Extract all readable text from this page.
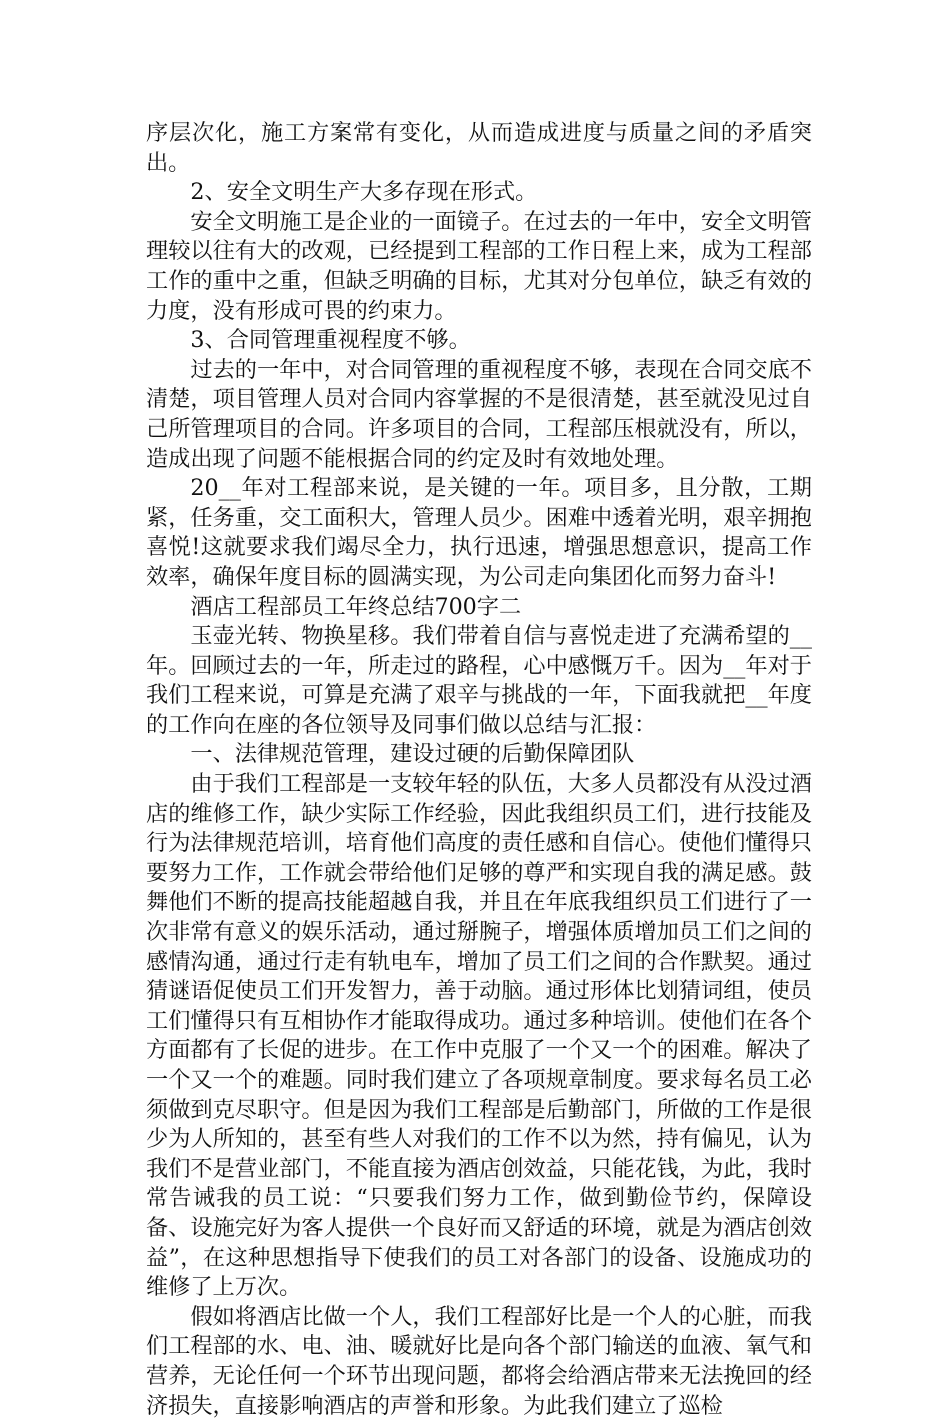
序层次化，施工方案常有变化，从而造成进度与质量之间的矛盾突出。

2、安全文明生产大多存现在形式。

安全文明施工是企业的一面镜子。在过去的一年中，安全文明管理较以往有大的改观，已经提到工程部的工作日程上来，成为工程部工作的重中之重，但缺乏明确的目标，尤其对分包单位，缺乏有效的力度，没有形成可畏的约束力。

3、合同管理重视程度不够。

过去的一年中，对合同管理的重视程度不够，表现在合同交底不清楚，项目管理人员对合同内容掌握的不是很清楚，甚至就没见过自己所管理项目的合同。许多项目的合同，工程部压根就没有，所以，造成出现了问题不能根据合同的约定及时有效地处理。

20__年对工程部来说，是关键的一年。项目多，且分散，工期紧，任务重，交工面积大，管理人员少。困难中透着光明，艰辛拥抱喜悦!这就要求我们竭尽全力，执行迅速，增强思想意识，提高工作效率，确保年度目标的圆满实现，为公司走向集团化而努力奋斗!

酒店工程部员工年终总结700字二

玉壶光转、物换星移。我们带着自信与喜悦走进了充满希望的__年。回顾过去的一年，所走过的路程，心中感慨万千。因为__年对于我们工程来说，可算是充满了艰辛与挑战的一年，下面我就把__年度的工作向在座的各位领导及同事们做以总结与汇报：

一、法律规范管理，建设过硬的后勤保障团队

由于我们工程部是一支较年轻的队伍，大多人员都没有从没过酒店的维修工作，缺少实际工作经验，因此我组织员工们，进行技能及行为法律规范培训，培育他们高度的责任感和自信心。使他们懂得只要努力工作，工作就会带给他们足够的尊严和实现自我的满足感。鼓舞他们不断的提高技能超越自我，并且在年底我组织员工们进行了一次非常有意义的娱乐活动，通过掰腕子，增强体质增加员工们之间的感情沟通，通过行走有轨电车，增加了员工们之间的合作默契。通过猜谜语促使员工们开发智力，善于动脑。通过形体比划猜词组，使员工们懂得只有互相协作才能取得成功。通过多种培训。使他们在各个方面都有了长促的进步。在工作中克服了一个又一个的困难。解决了一个又一个的难题。同时我们建立了各项规章制度。要求每名员工必须做到克尽职守。但是因为我们工程部是后勤部门，所做的工作是很少为人所知的，甚至有些人对我们的工作不以为然，持有偏见，认为我们不是营业部门，不能直接为酒店创效益，只能花钱，为此，我时常告诫我的员工说：“只要我们努力工作，做到勤俭节约，保障设备、设施完好为客人提供一个良好而又舒适的环境，就是为酒店创效益”，在这种思想指导下使我们的员工对各部门的设备、设施成功的维修了上万次。

假如将酒店比做一个人，我们工程部好比是一个人的心脏，而我们工程部的水、电、油、暖就好比是向各个部门输送的血液、氧气和营养，无论任何一个环节出现问题，都将会给酒店带来无法挽回的经济损失，直接影响酒店的声誉和形象。为此我们建立了巡检
